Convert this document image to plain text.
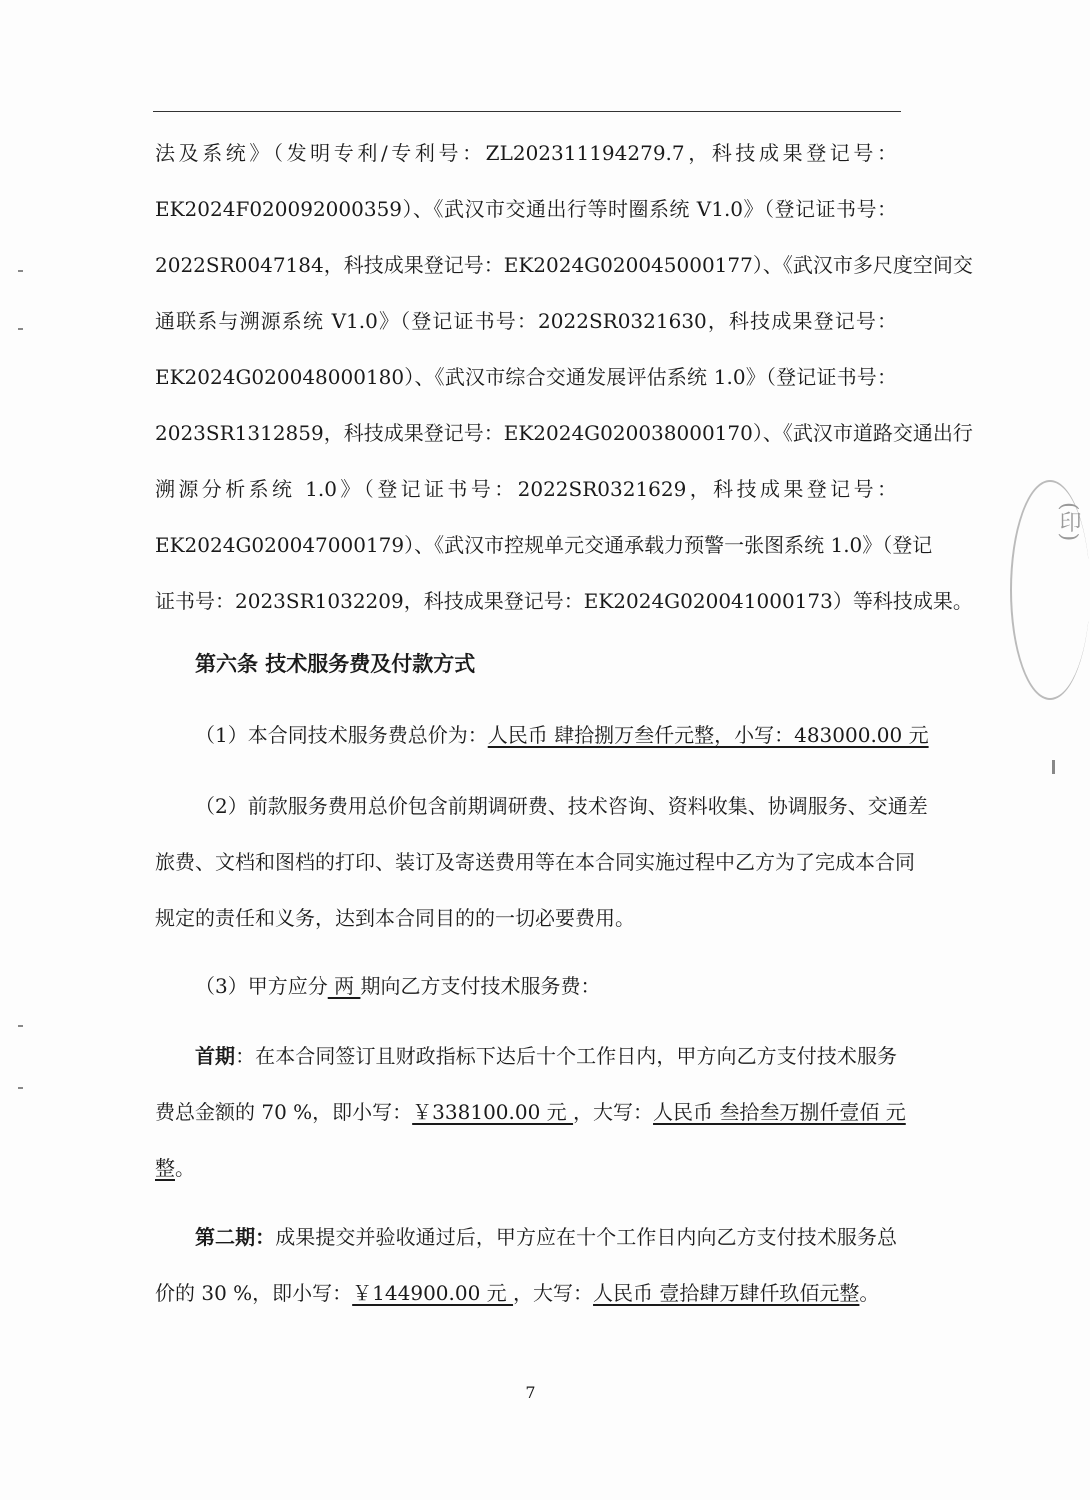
法及系统》（发明专利/专利号：ZL202311194279.7，科技成果登记号：
EK2024F020092000359）、《武汉市交通出行等时圈系统 V1.0》（登记证书号：
2022SR0047184，科技成果登记号：EK2024G020045000177）、《武汉市多尺度空间交
通联系与溯源系统 V1.0》（登记证书号：2022SR0321630，科技成果登记号：
EK2024G020048000180）、《武汉市综合交通发展评估系统 1.0》（登记证书号：
2023SR1312859，科技成果登记号：EK2024G020038000170）、《武汉市道路交通出行
溯源分析系统 1.0》（登记证书号：2022SR0321629，科技成果登记号：
EK2024G020047000179）、《武汉市控规单元交通承载力预警一张图系统 1.0》（登记
证书号：2023SR1032209，科技成果登记号：EK2024G020041000173）等科技成果。
第六条 技术服务费及付款方式
（1）本合同技术服务费总价为：人民币 肆拾捌万叁仟元整，小写：483000.00 元
（2）前款服务费用总价包含前期调研费、技术咨询、资料收集、协调服务、交通差
旅费、文档和图档的打印、装订及寄送费用等在本合同实施过程中乙方为了完成本合同
规定的责任和义务，达到本合同目的的一切必要费用。
（3）甲方应分 两 期向乙方支付技术服务费：
首期：在本合同签订且财政指标下达后十个工作日内，甲方向乙方支付技术服务
费总金额的 70 %，即小写：￥338100.00 元 ，大写：人民币 叁拾叁万捌仟壹佰 元
整。
第二期：成果提交并验收通过后，甲方应在十个工作日内向乙方支付技术服务总
价的 30 %，即小写：￥144900.00 元 ，大写：人民币 壹拾肆万肆仟玖佰元整。
7
(印)
